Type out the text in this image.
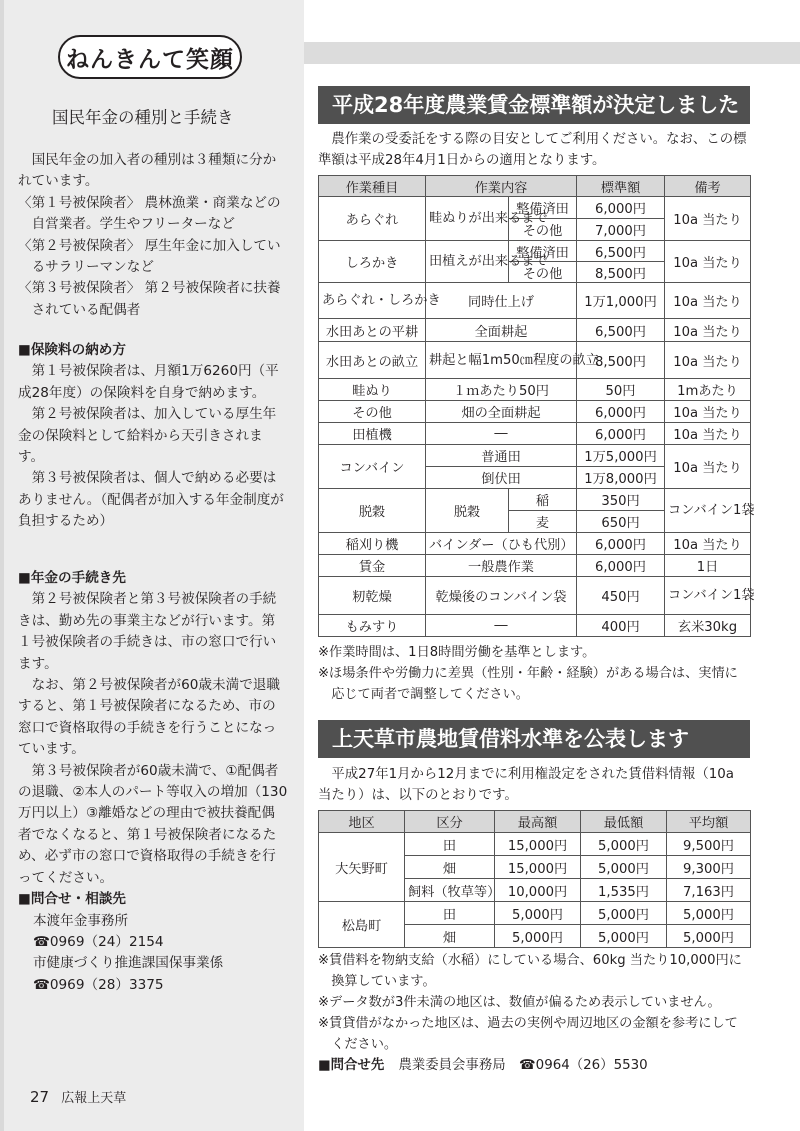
ねんきんて笑顔
国民年金の種別と手続き

国民年金の加入者の種別は３種類に分かれています。

〈第１号被保険者〉 農林漁業・商業などの自営業者。学生やフリーターなど

〈第２号被保険者〉 厚生年金に加入しているサラリーマンなど

〈第３号被保険者〉 第２号被保険者に扶養されている配偶者

■保険料の納め方

第１号被保険者は、月額1万6260円（平成28年度）の保険料を自身で納めます。

第２号被保険者は、加入している厚生年金の保険料として給料から天引きされます。

第３号被保険者は、個人で納める必要はありません。（配偶者が加入する年金制度が負担するため）

■年金の手続き先

第２号被保険者と第３号被保険者の手続きは、勤め先の事業主などが行います。第１号被保険者の手続きは、市の窓口で行います。

なお、第２号被保険者が60歳未満で退職すると、第１号被保険者になるため、市の窓口で資格取得の手続きを行うことになっています。

第３号被保険者が60歳未満で、①配偶者の退職、②本人のパート等収入の増加（130万円以上）③離婚などの理由で被扶養配偶者でなくなると、第１号被保険者になるため、必ず市の窓口で資格取得の手続きを行ってください。

■問合せ・相談先

本渡年金事務所

☎0969（24）2154

市健康づくり推進課国保事業係

☎0969（28）3375

27 広報上天草
平成28年度農業賃金標準額が決定しました

農作業の受委託をする際の目安としてご利用ください。なお、この標準額は平成28年4月1日からの適用となります。

作業種目	作業内容		標準額	備考
あらぐれ	畦ぬりが出来るまで	整備済田	6,000円	10a 当たり
		その他	7,000円	
しろかき	田植えが出来るまで	整備済田	6,500円	10a 当たり
		その他	8,500円	
あらぐれ・しろかき	同時仕上げ		1万1,000円	10a 当たり
水田あとの平耕	全面耕起		6,500円	10a 当たり
水田あとの畝立	耕起と幅1m50㎝程度の畝立		8,500円	10a 当たり
畦ぬり	１ｍあたり50円		50円	1mあたり
その他	畑の全面耕起		6,000円	10a 当たり
田植機	―		6,000円	10a 当たり
コンバイン	普通田		1万5,000円	10a 当たり
	倒伏田		1万8,000円	
脱穀	脱穀	稲	350円	コンバイン1袋
		麦	650円	
稲刈り機	バインダー（ひも代別）		6,000円	10a 当たり
賃金	一般農作業		6,000円	1日
籾乾燥	乾燥後のコンバイン袋		450円	コンバイン1袋
もみすり	―		400円	玄米30kg

※作業時間は、1日8時間労働を基準とします。

※ほ場条件や労働力に差異（性別・年齢・経験）がある場合は、実情に応じて両者で調整してください。

上天草市農地賃借料水準を公表します

平成27年1月から12月までに利用権設定をされた賃借料情報（10a 当たり）は、以下のとおりです。

地区	区分	最高額	最低額	平均額
大矢野町	田	15,000円	5,000円	9,500円
	畑	15,000円	5,000円	9,300円
	飼料（牧草等）	10,000円	1,535円	7,163円
松島町	田	5,000円	5,000円	5,000円
	畑	5,000円	5,000円	5,000円

※賃借料を物納支給（水稲）にしている場合、60kg 当たり10,000円に換算しています。

※データ数が3件未満の地区は、数値が偏るため表示していません。

※賃貸借がなかった地区は、過去の実例や周辺地区の金額を参考にしてください。

■問合せ先 農業委員会事務局　☎0964（26）5530
